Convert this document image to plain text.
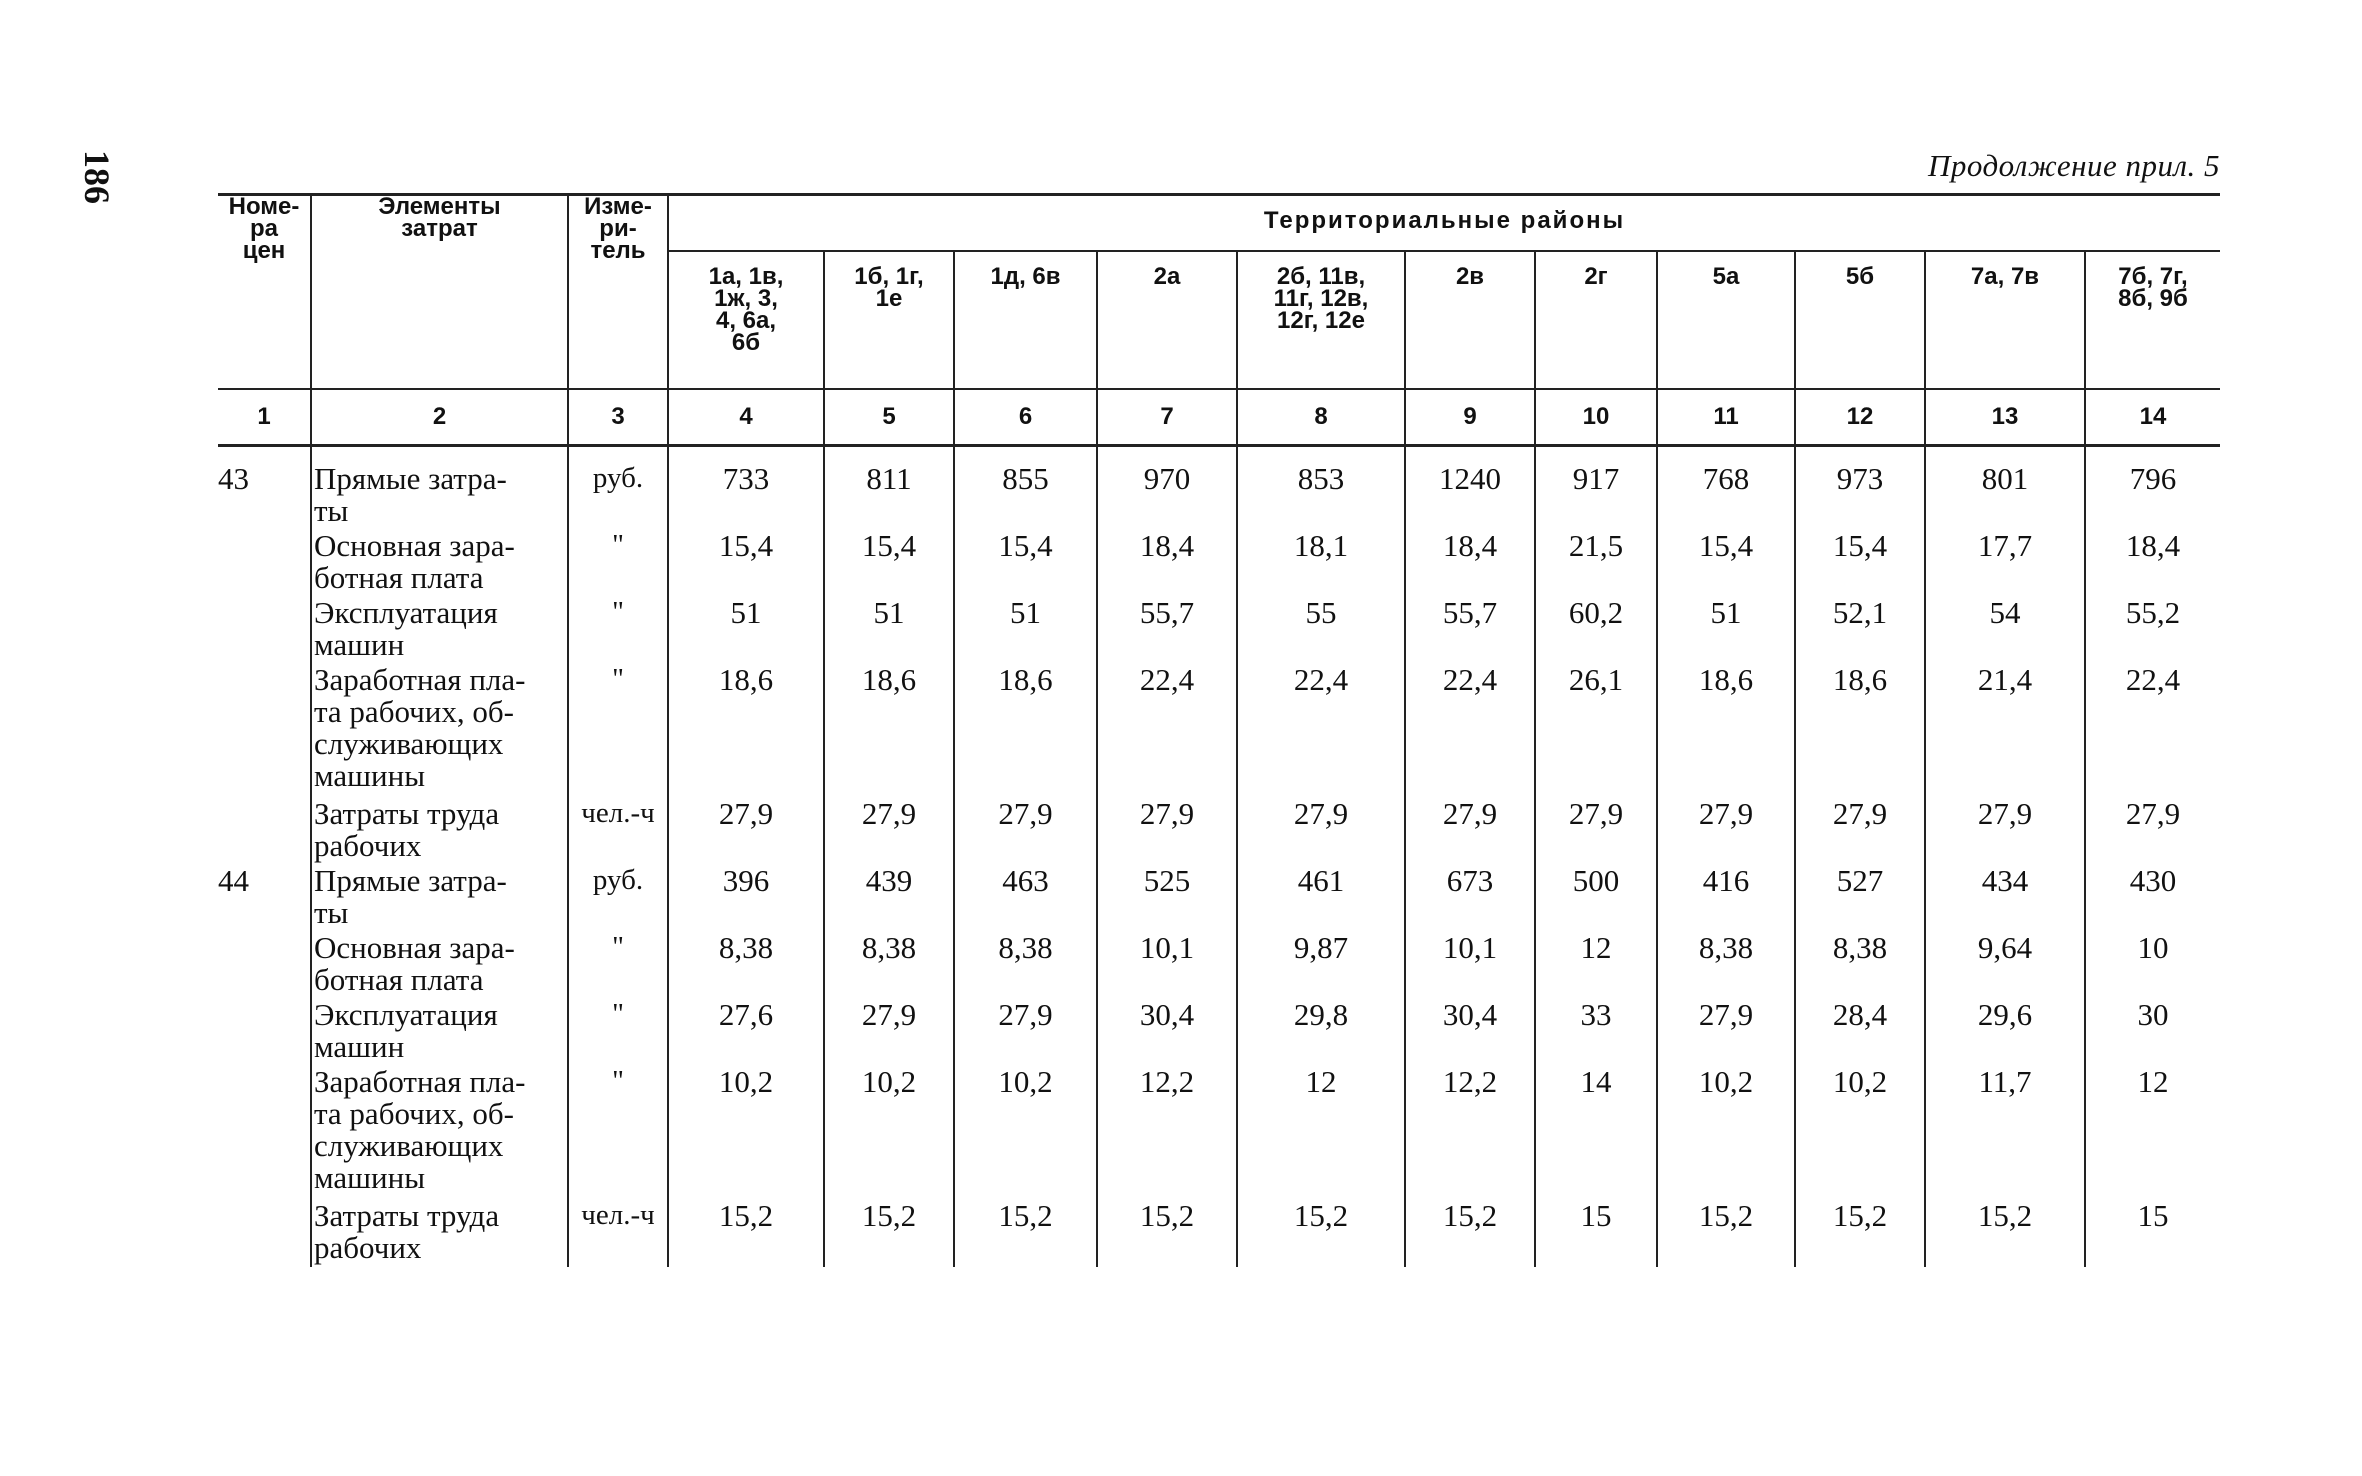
186	Продолжение прил. 5
Номе-
ра
цен	Элементы
затрат	Изме-
ри-
тель	Территориальные районы										
			1а, 1в,
1ж, 3,
4, 6а,
6б	1б, 1г,
1е	1д, 6в	2а	2б, 11в,
11г, 12в,
12г, 12е	2в	2г	5а	5б	7а, 7в	7б, 7г,
8б, 9б
1	2	3	4	5	6	7	8	9	10	11	12	13	14
43	Прямые затра-
ты	руб.	733	811	855	970	853	1240	917	768	973	801	796
	Основная зара-
ботная плата	"	15,4	15,4	15,4	18,4	18,1	18,4	21,5	15,4	15,4	17,7	18,4
	Эксплуатация
машин	"	51	51	51	55,7	55	55,7	60,2	51	52,1	54	55,2
	Заработная пла-
та рабочих, об-
служивающих
машины	"	18,6	18,6	18,6	22,4	22,4	22,4	26,1	18,6	18,6	21,4	22,4
	Затраты труда
рабочих	чел.-ч	27,9	27,9	27,9	27,9	27,9	27,9	27,9	27,9	27,9	27,9	27,9
44	Прямые затра-
ты	руб.	396	439	463	525	461	673	500	416	527	434	430
	Основная зара-
ботная плата	"	8,38	8,38	8,38	10,1	9,87	10,1	12	8,38	8,38	9,64	10
	Эксплуатация
машин	"	27,6	27,9	27,9	30,4	29,8	30,4	33	27,9	28,4	29,6	30
	Заработная пла-
та рабочих, об-
служивающих
машины	"	10,2	10,2	10,2	12,2	12	12,2	14	10,2	10,2	11,7	12
	Затраты труда
рабочих	чел.-ч	15,2	15,2	15,2	15,2	15,2	15,2	15	15,2	15,2	15,2	15
